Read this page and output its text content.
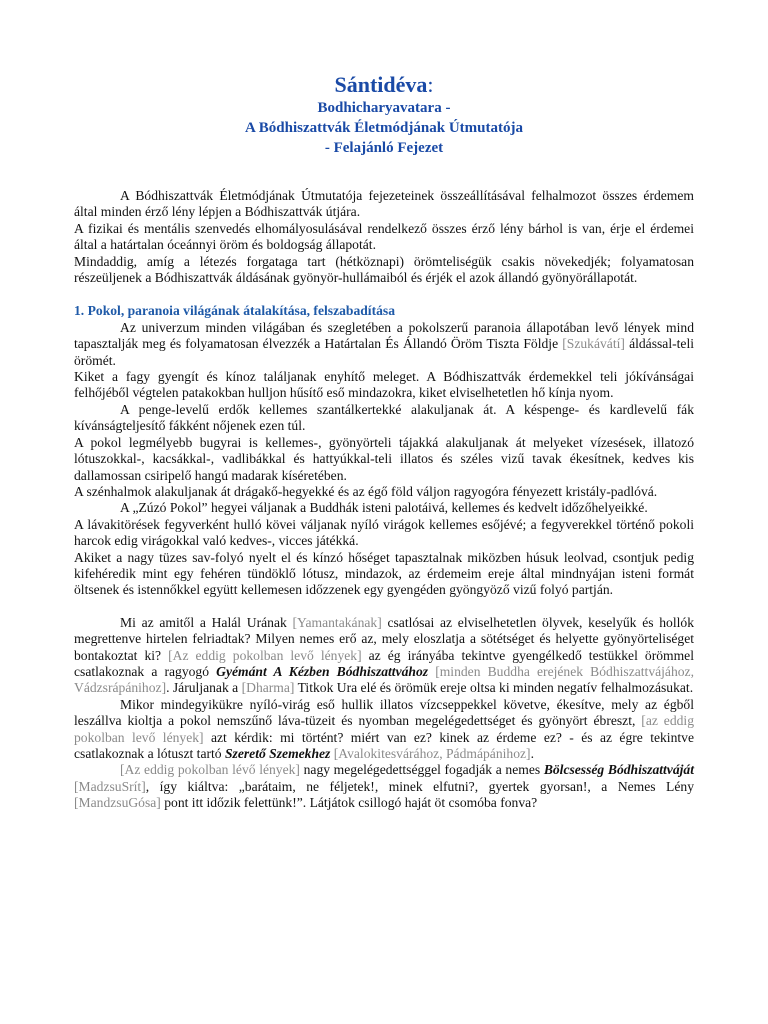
Sántidéva:
Bodhicharyavatara -
A Bódhiszattvák Életmódjának Útmutatója
- Felajánló Fejezet

A Bódhiszattvák Életmódjának Útmutatója fejezeteinek összeállításával felhalmozot összes érdemem által minden érző lény lépjen a Bódhiszattvák útjára.

A fizikai és mentális szenvedés elhomályosulásával rendelkező összes érző lény bárhol is van, érje el érdemei által a határtalan óceánnyi öröm és boldogság állapotát.

Mindaddig, amíg a létezés forgataga tart (hétköznapi) örömteliségük csakis növekedjék; folyamatosan részeüljenek a Bódhiszattvák áldásának gyönyör-hullámaiból és érjék el azok állandó gyönyörállapotát.

1. Pokol, paranoia világának átalakítása, felszabadítása

Az univerzum minden világában és szegletében a pokolszerű paranoia állapotában levő lények mind tapasztalják meg és folyamatosan élvezzék a Határtalan És Állandó Öröm Tiszta Földje [Szukávátí] áldással-teli örömét.

Kiket a fagy gyengít és kínoz találjanak enyhítő meleget. A Bódhiszattvák érdemekkel teli jókívánságai felhőjéből végtelen patakokban hulljon hűsítő eső mindazokra, kiket elviselhetetlen hő kínja nyom.

A penge-levelű erdők kellemes szantálkertekké alakuljanak át. A késpenge- és kardlevelű fák kívánságteljesítő fákként nőjenek ezen túl.

A pokol legmélyebb bugyrai is kellemes-, gyönyörteli tájakká alakuljanak át melyeket vízesések, illatozó lótuszokkal-, kacsákkal-, vadlibákkal és hattyúkkal-teli illatos és széles vizű tavak ékesítnek, kedves kis dallamossan csiripelő hangú madarak kíséretében.

A szénhalmok alakuljanak át drágakő-hegyekké és az égő föld váljon ragyogóra fényezett kristály-padlóvá.

A „Zúzó Pokol” hegyei váljanak a Buddhák isteni palotáivá, kellemes és kedvelt időzőhelyeikké.

A lávakitörések fegyverként hulló kövei váljanak nyíló virágok kellemes esőjévé; a fegyverekkel történő pokoli harcok edig virágokkal való kedves-, vicces játékká.

Akiket a nagy tüzes sav-folyó nyelt el és kínzó hőséget tapasztalnak miközben húsuk leolvad, csontjuk pedig kifehéredik mint egy fehéren tündöklő lótusz, mindazok, az érdemeim ereje által mindnyájan isteni formát öltsenek és istennőkkel együtt kellemesen időzzenek egy gyengéden gyöngyöző vizű folyó partján.

Mi az amitől a Halál Urának [Yamantakának] csatlósai az elviselhetetlen ölyvek, keselyűk és hollók megrettenve hirtelen felriadtak? Milyen nemes erő az, mely eloszlatja a sötétséget és helyette gyönyörteliséget bontakoztat ki? [Az eddig pokolban levő lények] az ég irányába tekintve gyengélkedő testükkel örömmel csatlakoznak a ragyogó Gyémánt A Kézben Bódhiszattvához [minden Buddha erejének Bódhiszattvájához, Vádzsrápánihoz]. Járuljanak a [Dharma] Titkok Ura elé és örömük ereje oltsa ki minden negatív felhalmozásukat.

Mikor mindegyikükre nyíló-virág eső hullik illatos vízcseppekkel követve, ékesítve, mely az égből leszállva kioltja a pokol nemszűnő láva-tüzeit és nyomban megelégedettséget és gyönyört ébreszt, [az eddig pokolban levő lények] azt kérdik: mi történt? miért van ez? kinek az érdeme ez? - és az égre tekintve csatlakoznak a lótuszt tartó Szerető Szemekhez [Avalokitesvárához, Pádmápánihoz].

[Az eddig pokolban lévő lények] nagy megelégedettséggel fogadják a nemes Bölcsesség Bódhiszattváját [MadzsuSrít], így kiáltva: „barátaim, ne féljetek!, minek elfutni?, gyertek gyorsan!, a Nemes Lény [MandzsuGósa] pont itt időzik felettünk!”. Látjátok csillogó haját öt csomóba fonva?
